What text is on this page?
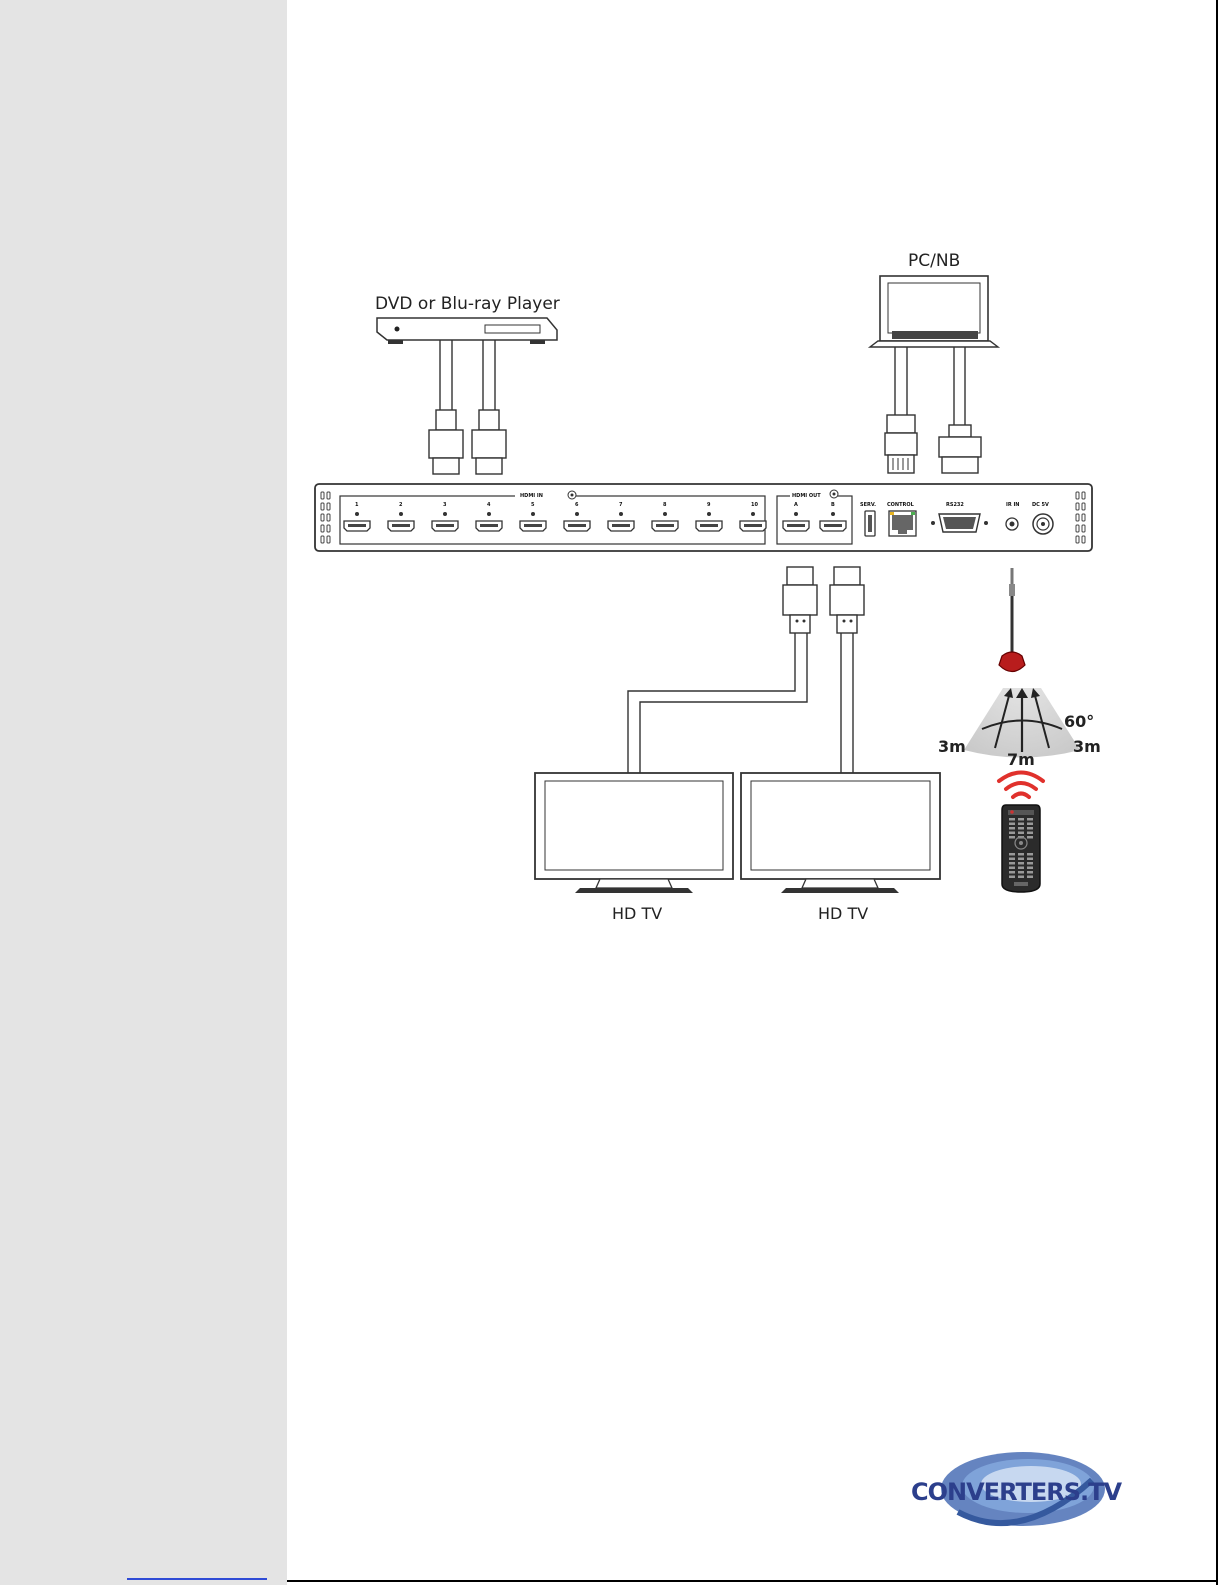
DVD or Blu-ray Player
PC/NB
HDMI IN
1	2	3	4	5	6	7	8	9	10
HDMI OUT
A	B	SERV. CONTROL	RS232	IR IN	DC 5V
HD TV	HD TV
60°
3m
7m
3m
CONVERTERS.TV
